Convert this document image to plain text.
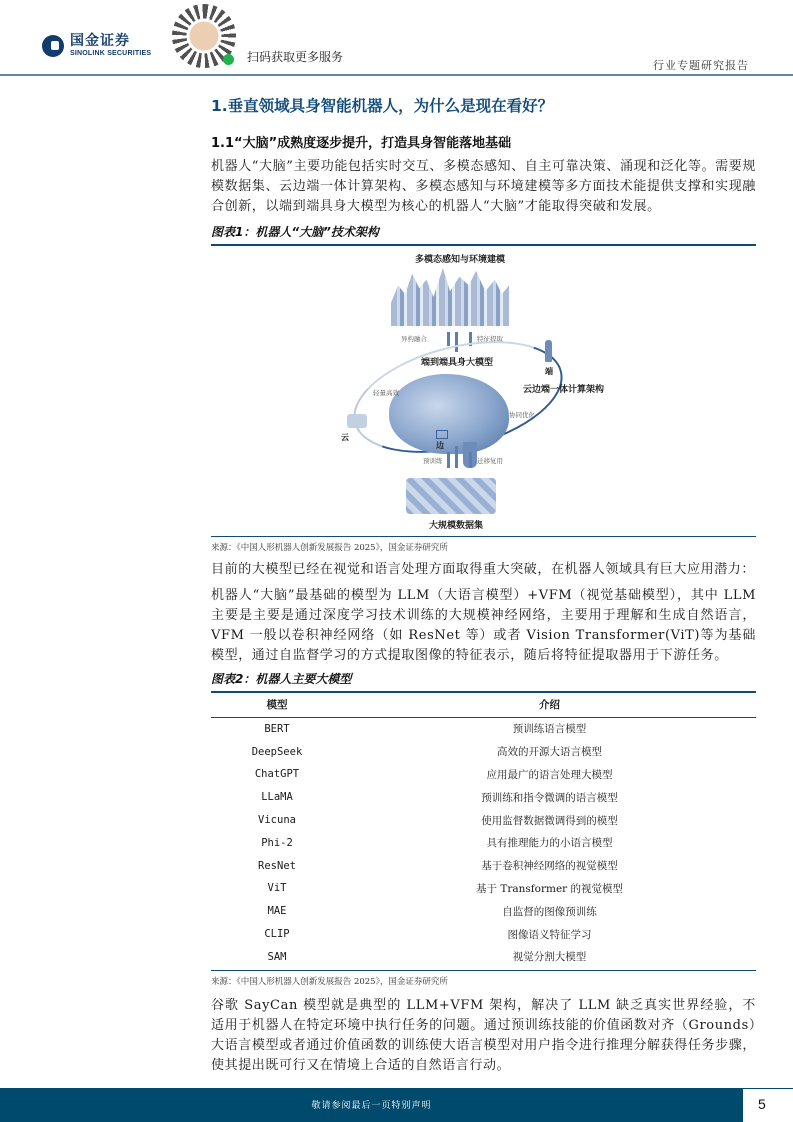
国金证券
SINOLINK SECURITIES	扫码获取更多服务
行业专题研究报告
1.垂直领域具身智能机器人，为什么是现在看好？
1.1“大脑”成熟度逐步提升，打造具身智能落地基础

机器人“大脑”主要功能包括实时交互、多模态感知、自主可靠决策、涌现和泛化等。需要规模数据集、云边端一体计算架构、多模态感知与环境建模等多方面技术能提供支撑和实现融合创新，以端到端具身大模型为核心的机器人“大脑”才能取得突破和发展。

图表1：机器人“大脑”技术架构
多模态感知与环境建模
异构融合	特征提取
端到端具身大模型
端
云边端一体计算架构
轻量高效
协同优化
云
边
预训练	迁移复用
大规模数据集
来源：《中国人形机器人创新发展报告 2025》，国金证券研究所

目前的大模型已经在视觉和语言处理方面取得重大突破，在机器人领域具有巨大应用潜力：

机器人“大脑”最基础的模型为 LLM（大语言模型）+VFM（视觉基础模型），其中 LLM 主要是主要是通过深度学习技术训练的大规模神经网络，主要用于理解和生成自然语言，VFM 一般以卷积神经网络（如 ResNet 等）或者 Vision Transformer(ViT)等为基础模型，通过自监督学习的方式提取图像的特征表示，随后将特征提取器用于下游任务。

图表2：机器人主要大模型
模型	介绍
BERT	预训练语言模型
DeepSeek	高效的开源大语言模型
ChatGPT	应用最广的语言处理大模型
LLaMA	预训练和指令微调的语言模型
Vicuna	使用监督数据微调得到的模型
Phi-2	具有推理能力的小语言模型
ResNet	基于卷积神经网络的视觉模型
ViT	基于 Transformer 的视觉模型
MAE	自监督的图像预训练
CLIP	图像语义特征学习
SAM	视觉分割大模型
来源：《中国人形机器人创新发展报告 2025》，国金证券研究所

谷歌 SayCan 模型就是典型的 LLM+VFM 架构，解决了 LLM 缺乏真实世界经验，不适用于机器人在特定环境中执行任务的问题。通过预训练技能的价值函数对齐（Grounds）大语言模型或者通过价值函数的训练使大语言模型对用户指令进行推理分解获得任务步骤，使其提出既可行又在情境上合适的自然语言行动。

敬请参阅最后一页特别声明	5
